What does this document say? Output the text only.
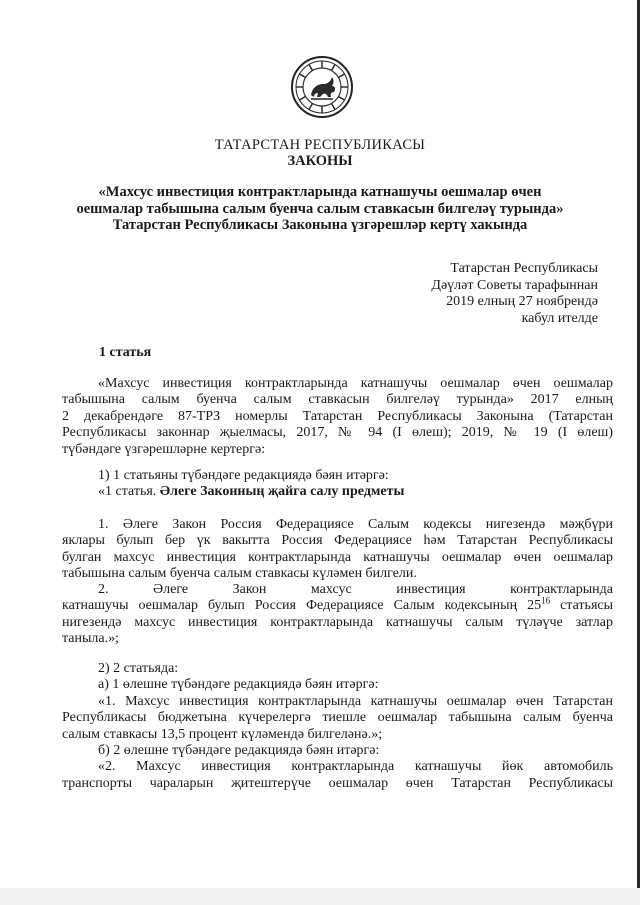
ТАТАРСТАН РЕСПУБЛИКАСЫ
ЗАКОНЫ
«Махсус инвестиция контрактларында катнашучы оешмалар өчен
оешмалар табышына салым буенча салым ставкасын билгеләү турында»
Татарстан Республикасы Законына үзгәрешләр кертү хакында
Татарстан Республикасы
Дәүләт Советы тарафыннан
2019 елның 27 ноябрендә
кабул ителде
1 статья
«Махсус инвестиция контрактларында катнашучы оешмалар өчен оешмалар
табышына салым буенча салым ставкасын билгеләү турында» 2017 елның
2 декабрендәге 87-ТРЗ номерлы Татарстан Республикасы Законына (Татарстан
Республикасы законнар җыелмасы, 2017, № 94 (I өлеш); 2019, № 19 (I өлеш)
түбәндәге үзгәрешләрне кертергә:
1) 1 статьяны түбәндәге редакциядә бәян итәргә:
«1 статья. Әлеге Законның җайга салу предметы
1. Әлеге Закон Россия Федерациясе Салым кодексы нигезендә мәҗбүри
яклары булып бер үк вакытта Россия Федерациясе һәм Татарстан Республикасы
булган махсус инвестиция контрактларында катнашучы оешмалар өчен оешмалар
табышына салым буенча салым ставкасы күләмен билгели.
2. Әлеге Закон махсус инвестиция контрактларында
катнашучы оешмалар булып Россия Федерациясе Салым кодексының $25^{16}$ статьясы
нигезендә махсус инвестиция контрактларында катнашучы салым түләүче затлар
таныла.»;
2) 2 статьяда:
а) 1 өлешне түбәндәге редакциядә бәян итәргә:
«1. Махсус инвестиция контрактларында катнашучы оешмалар өчен Татарстан
Республикасы бюджетына күчерелергә тиешле оешмалар табышына салым буенча
салым ставкасы 13,5 процент күләмендә билгеләнә.»;
б) 2 өлешне түбәндәге редакциядә бәян итәргә:
«2. Махсус инвестиция контрактларында катнашучы йөк автомобиль
транспорты чараларын җитештерүче оешмалар өчен Татарстан Республикасы
